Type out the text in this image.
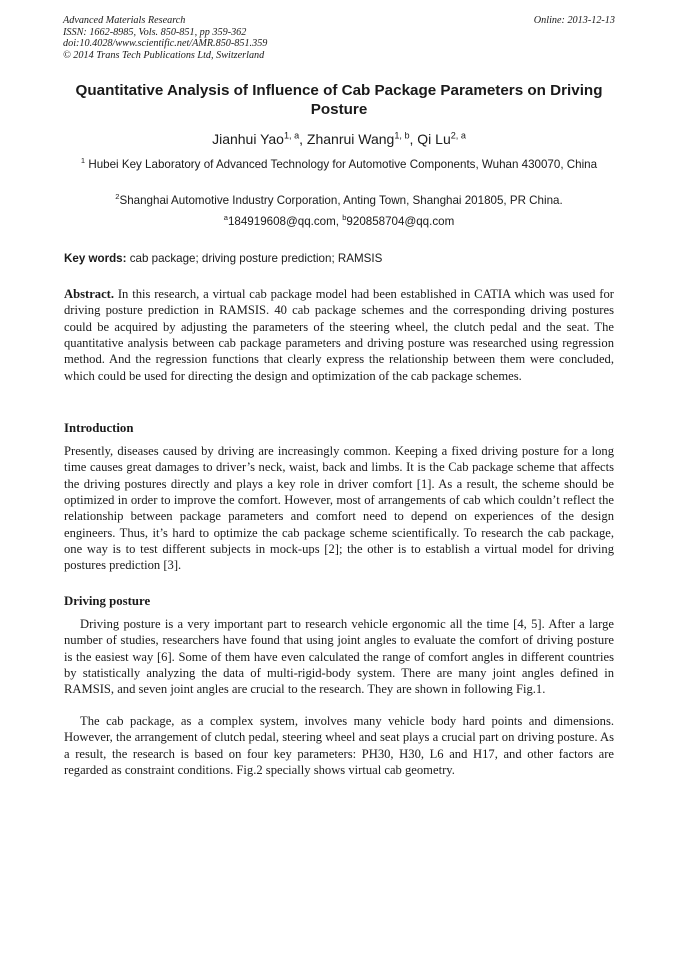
Advanced Materials Research
ISSN: 1662-8985, Vols. 850-851, pp 359-362
doi:10.4028/www.scientific.net/AMR.850-851.359
© 2014 Trans Tech Publications Ltd, Switzerland
Online: 2013-12-13
Quantitative Analysis of Influence of Cab Package Parameters on Driving Posture
Jianhui Yao$^{1, a}$, Zhanrui Wang$^{1, b}$, Qi Lu$^{2, a}$
$^1$ Hubei Key Laboratory of Advanced Technology for Automotive Components, Wuhan 430070, China
$^2$Shanghai Automotive Industry Corporation, Anting Town, Shanghai 201805, PR China.
$^a$184919608@qq.com, $^b$920858704@qq.com
Key words: cab package; driving posture prediction; RAMSIS

Abstract. In this research, a virtual cab package model had been established in CATIA which was used for driving posture prediction in RAMSIS. 40 cab package schemes and the corresponding driving postures could be acquired by adjusting the parameters of the steering wheel, the clutch pedal and the seat. The quantitative analysis between cab package parameters and driving posture was researched using regression method. And the regression functions that clearly express the relationship between them were concluded, which could be used for directing the design and optimization of the cab package schemes.

Introduction

Presently, diseases caused by driving are increasingly common. Keeping a fixed driving posture for a long time causes great damages to driver’s neck, waist, back and limbs. It is the Cab package scheme that affects the driving postures directly and plays a key role in driver comfort [1]. As a result, the scheme should be optimized in order to improve the comfort. However, most of arrangements of cab which couldn’t reflect the relationship between package parameters and comfort need to depend on experiences of the design engineers. Thus, it’s hard to optimize the cab package scheme scientifically. To research the cab package, one way is to test different subjects in mock-ups [2]; the other is to establish a virtual model for driving postures prediction [3].

Driving posture

Driving posture is a very important part to research vehicle ergonomic all the time [4, 5]. After a large number of studies, researchers have found that using joint angles to evaluate the comfort of driving posture is the easiest way [6]. Some of them have even calculated the range of comfort angles in different countries by statistically analyzing the data of multi-rigid-body system. There are many joint angles defined in RAMSIS, and seven joint angles are crucial to the research. They are shown in following Fig.1.

The cab package, as a complex system, involves many vehicle body hard points and dimensions. However, the arrangement of clutch pedal, steering wheel and seat plays a crucial part on driving posture. As a result, the research is based on four key parameters: PH30, H30, L6 and H17, and other factors are regarded as constraint conditions. Fig.2 specially shows virtual cab geometry.
